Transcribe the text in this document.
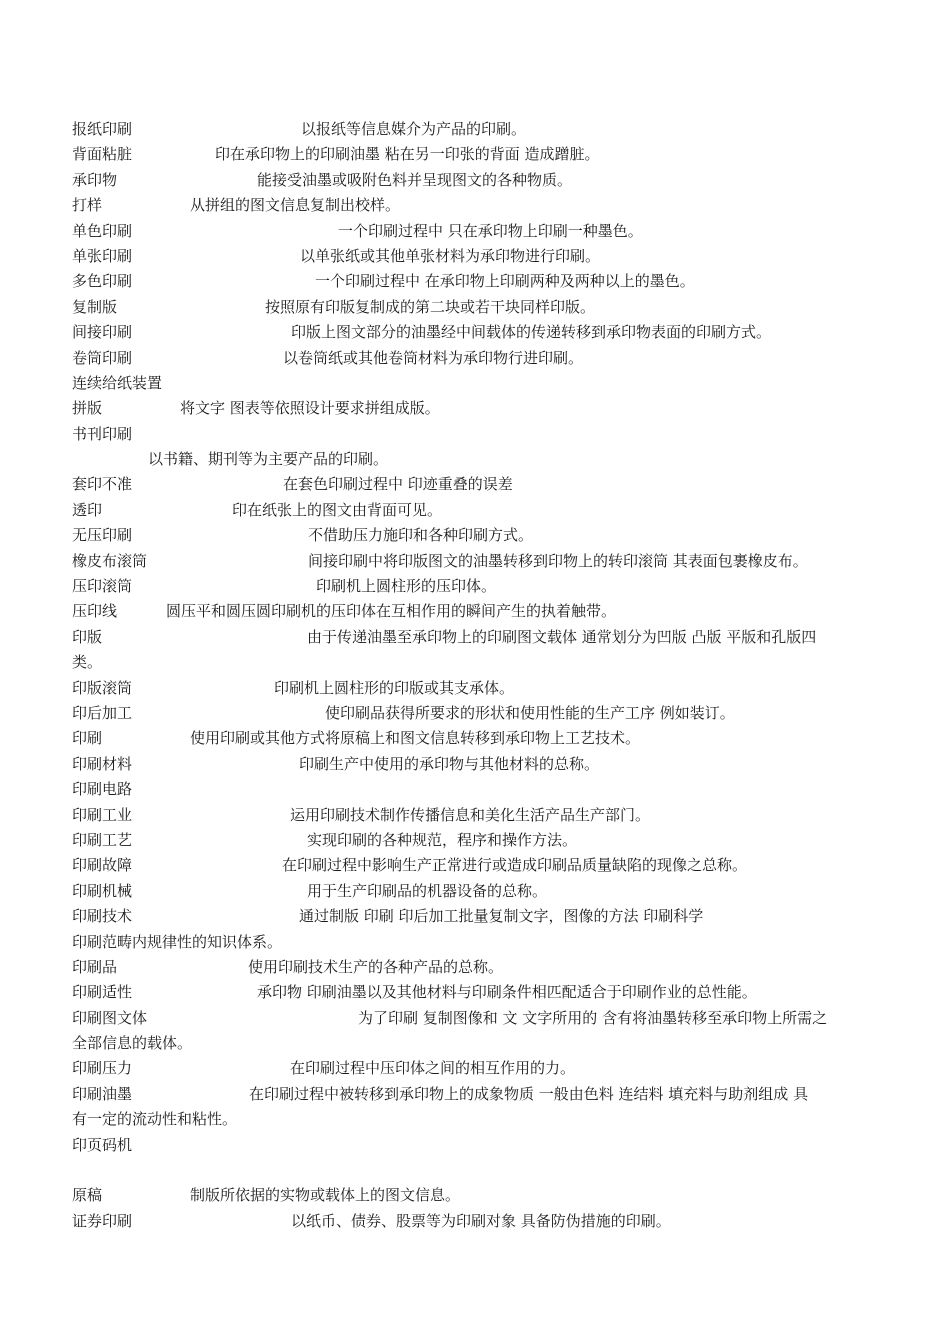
报纸印刷	以报纸等信息媒介为产品的印刷。
背面粘脏	印在承印物上的印刷油墨 粘在另一印张的背面 造成蹭脏。
承印物	能接受油墨或吸附色料并呈现图文的各种物质。
打样	从拼组的图文信息复制出校样。
单色印刷	一个印刷过程中 只在承印物上印刷一种墨色。
单张印刷	以单张纸或其他单张材料为承印物进行印刷。
多色印刷	一个印刷过程中 在承印物上印刷两种及两种以上的墨色。
复制版	按照原有印版复制成的第二块或若干块同样印版。
间接印刷	印版上图文部分的油墨经中间载体的传递转移到承印物表面的印刷方式。
卷筒印刷	以卷筒纸或其他卷筒材料为承印物行进印刷。
连续给纸装置
拼版	将文字 图表等依照设计要求拼组成版。
书刊印刷
以书籍、期刊等为主要产品的印刷。
套印不准	在套色印刷过程中 印迹重叠的误差
透印	印在纸张上的图文由背面可见。
无压印刷	不借助压力施印和各种印刷方式。
橡皮布滚筒	间接印刷中将印版图文的油墨转移到印物上的转印滚筒 其表面包裹橡皮布。
压印滚筒	印刷机上圆柱形的压印体。
压印线	圆压平和圆压圆印刷机的压印体在互相作用的瞬间产生的执着触带。
印版	由于传递油墨至承印物上的印刷图文载体 通常划分为凹版 凸版 平版和孔版四
类。
印版滚筒	印刷机上圆柱形的印版或其支承体。
印后加工	使印刷品获得所要求的形状和使用性能的生产工序 例如装订。
印刷	使用印刷或其他方式将原稿上和图文信息转移到承印物上工艺技术。
印刷材料	印刷生产中使用的承印物与其他材料的总称。
印刷电路
印刷工业	运用印刷技术制作传播信息和美化生活产品生产部门。
印刷工艺	实现印刷的各种规范，程序和操作方法。
印刷故障	在印刷过程中影响生产正常进行或造成印刷品质量缺陷的现像之总称。
印刷机械	用于生产印刷品的机器设备的总称。
印刷技术	通过制版 印刷 印后加工批量复制文字，图像的方法 印刷科学
印刷范畴内规律性的知识体系。
印刷品	使用印刷技术生产的各种产品的总称。
印刷适性	承印物 印刷油墨以及其他材料与印刷条件相匹配适合于印刷作业的总性能。
印刷图文体	为了印刷 复制图像和 文 文字所用的 含有将油墨转移至承印物上所需之
全部信息的载体。
印刷压力	在印刷过程中压印体之间的相互作用的力。
印刷油墨	在印刷过程中被转移到承印物上的成象物质 一般由色料 连结料 填充料与助剂组成 具
有一定的流动性和粘性。
印页码机
原稿	制版所依据的实物或载体上的图文信息。
证券印刷	以纸币、债券、股票等为印刷对象 具备防伪措施的印刷。
